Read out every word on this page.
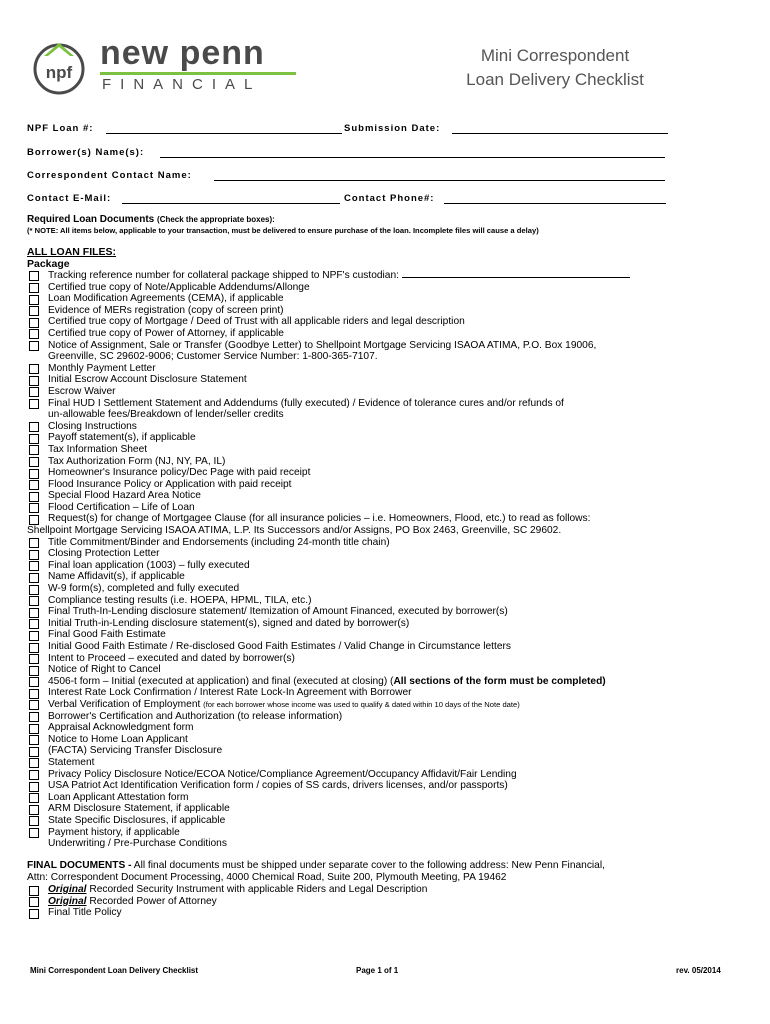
npf
new penn
FINANCIAL
Mini Correspondent
Loan Delivery Checklist
NPF Loan #:	Submission Date:
Borrower(s) Name(s):
Correspondent Contact Name:
Contact E-Mail:	Contact Phone#:
Required Loan Documents (Check the appropriate boxes):
(* NOTE: All items below, applicable to your transaction, must be delivered to ensure purchase of the loan. Incomplete files will cause a delay)
ALL LOAN FILES:
Package
Tracking reference number for collateral package shipped to NPF's custodian:
Certified true copy of Note/Applicable Addendums/Allonge
Loan Modification Agreements (CEMA), if applicable
Evidence of MERs registration (copy of screen print)
Certified true copy of Mortgage / Deed of Trust with all applicable riders and legal description
Certified true copy of Power of Attorney, if applicable
Notice of Assignment, Sale or Transfer (Goodbye Letter) to Shellpoint Mortgage Servicing ISAOA ATIMA, P.O. Box 19006,
Greenville, SC 29602-9006; Customer Service Number: 1-800-365-7107.
Monthly Payment Letter
Initial Escrow Account Disclosure Statement
Escrow Waiver
Final HUD I Settlement Statement and Addendums (fully executed) / Evidence of tolerance cures and/or refunds of
un-allowable fees/Breakdown of lender/seller credits
Closing Instructions
Payoff statement(s), if applicable
Tax Information Sheet
Tax Authorization Form (NJ, NY, PA, IL)
Homeowner's Insurance policy/Dec Page with paid receipt
Flood Insurance Policy or Application with paid receipt
Special Flood Hazard Area Notice
Flood Certification – Life of Loan
Request(s) for change of Mortgagee Clause (for all insurance policies – i.e. Homeowners, Flood, etc.) to read as follows:
Shellpoint Mortgage Servicing ISAOA ATIMA, L.P. Its Successors and/or Assigns, PO Box 2463, Greenville, SC 29602.
Title Commitment/Binder and Endorsements (including 24-month title chain)
Closing Protection Letter
Final loan application (1003) – fully executed
Name Affidavit(s), if applicable
W-9 form(s), completed and fully executed
Compliance testing results (i.e. HOEPA, HPML, TILA, etc.)
Final Truth-In-Lending disclosure statement/ Itemization of Amount Financed, executed by borrower(s)
Initial Truth-in-Lending disclosure statement(s), signed and dated by borrower(s)
Final Good Faith Estimate
Initial Good Faith Estimate / Re-disclosed Good Faith Estimates / Valid Change in Circumstance letters
Intent to Proceed – executed and dated by borrower(s)
Notice of Right to Cancel
4506-t form – Initial (executed at application) and final (executed at closing) (All sections of the form must be completed)
Interest Rate Lock Confirmation / Interest Rate Lock-In Agreement with Borrower
Verbal Verification of Employment (for each borrower whose income was used to qualify & dated within 10 days of the Note date)
Borrower's Certification and Authorization (to release information)
Appraisal Acknowledgment form
Notice to Home Loan Applicant
(FACTA) Servicing Transfer Disclosure
Statement
Privacy Policy Disclosure Notice/ECOA Notice/Compliance Agreement/Occupancy Affidavit/Fair Lending
USA Patriot Act Identification Verification form / copies of SS cards, drivers licenses, and/or passports)
Loan Applicant Attestation form
ARM Disclosure Statement, if applicable
State Specific Disclosures, if applicable
Payment history, if applicable
Underwriting / Pre-Purchase Conditions
FINAL DOCUMENTS - All final documents must be shipped under separate cover to the following address: New Penn Financial,
Attn: Correspondent Document Processing, 4000 Chemical Road, Suite 200, Plymouth Meeting, PA 19462
Original Recorded Security Instrument with applicable Riders and Legal Description
Original Recorded Power of Attorney
Final Title Policy
Mini Correspondent Loan Delivery Checklist	Page 1 of 1	rev. 05/2014
